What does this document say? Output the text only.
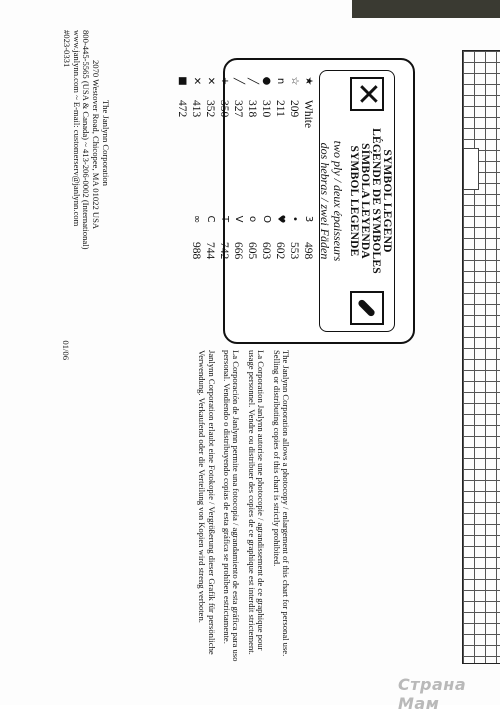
✕
SYMBOL LEGEND
LÉGENDE DE SYMBOLES
SÍMBOLA LEYENDA
SYMBOL LEGENDE
two ply / deux épaisseurs
dos hebras / zwei Fäden
★
White
3
498
☆
209
•
553
n
211
♥
602
●
310
O
603
╱
318
o
605
╱
327
V
666
+
350
T
742
✕
352
C
744
✕
413
∞
988
■
472

The Janlynn Corporation allows a photocopy / enlargement of this chart for personal use. Selling or distributing copies of this chart is strictly prohibited.

La Corporation Janlynn autorise une photocopie / agrandissement de ce graphique pour usage personnel. Vendre ou distribuer des copies de ce graphique est interdit strictement.

La Corporación de Janlynn permite una fotocopia / agrandamiento de esta gráfica para uso personal. Vendiendo o distribuyendo copias de esta gráfica se prohíben estrictamente.

Janlynn Corporation erlaubt eine Fotokopie / Vergrößerung dieser Grafik für persönliche Verwendung. Verkaufend oder die Verteilung von Kopien wird streng verboten.

The Janlynn Corporation
2070 Westover Road, Chicopee, MA 01022 USA
800-445-5565 (USA & Canada) ~ 413-206-0002 (International)
www.janlynn.com ~ E-mail: customerserv@janlynn.com
#023-0331
01/06
Страна Мам
